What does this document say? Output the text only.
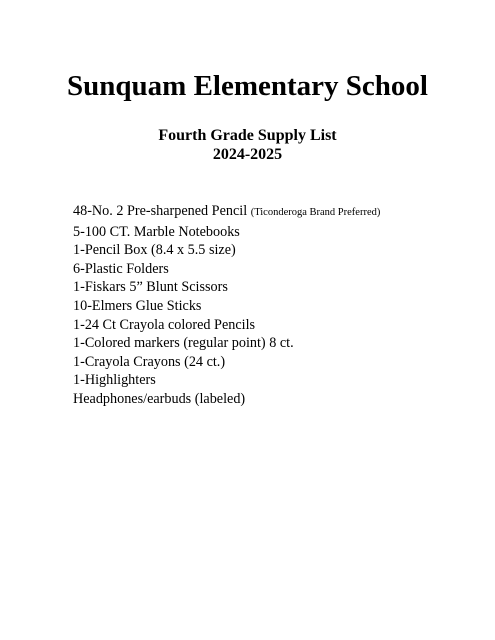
Sunquam Elementary School
Fourth Grade Supply List
2024-2025
48-No. 2 Pre-sharpened Pencil (Ticonderoga Brand Preferred)
5-100 CT. Marble Notebooks
1-Pencil Box (8.4 x 5.5 size)
6-Plastic Folders
1-Fiskars 5” Blunt Scissors
10-Elmers Glue Sticks
1-24 Ct Crayola colored Pencils
1-Colored markers (regular point) 8 ct.
1-Crayola Crayons (24 ct.)
1-Highlighters
Headphones/earbuds (labeled)
